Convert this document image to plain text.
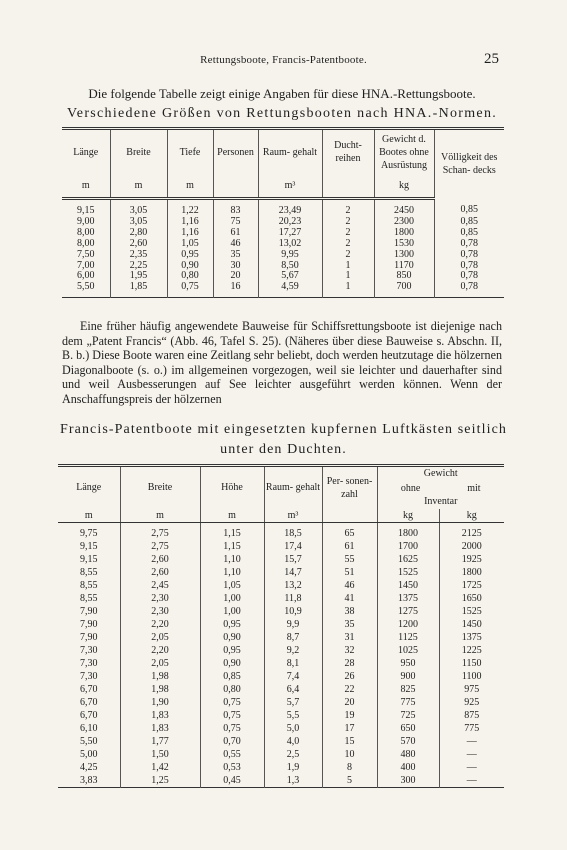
Rettungsboote, Francis-Patentboote.	25
Die folgende Tabelle zeigt einige Angaben für diese HNA.-Rettungsboote.
Verschiedene Größen von Rettungsbooten nach HNA.-Normen.
Länge	Breite	Tiefe	Personen	Raum- gehalt	Ducht- reihen	Gewicht d. Bootes ohne Ausrüstung	Völligkeit des Schan- decks
m	m	m		m³		kg	
9,15	3,05	1,22	83	23,49	2	2450	0,85
9,00	3,05	1,16	75	20,23	2	2300	0,85
8,00	2,80	1,16	61	17,27	2	1800	0,85
8,00	2,60	1,05	46	13,02	2	1530	0,78
7,50	2,35	0,95	35	9,95	2	1300	0,78
7,00	2,25	0,90	30	8,50	1	1170	0,78
6,00	1,95	0,80	20	5,67	1	850	0,78
5,50	1,85	0,75	16	4,59	1	700	0,78

Eine früher häufig angewendete Bauweise für Schiffsrettungsboote ist diejenige nach dem „Patent Francis“ (Abb. 46, Tafel S. 25). (Näheres über diese Bauweise s. Abschn. II, B. b.) Diese Boote waren eine Zeitlang sehr beliebt, doch werden heutzutage die hölzernen Diagonalboote (s. o.) im allgemeinen vorgezogen, weil sie leichter und dauerhafter sind und weil Ausbesserungen auf See leichter ausgeführt werden können. Wenn der Anschaffungspreis der hölzernen

Francis-Patentboote mit eingesetzten kupfernen Luftkästen seitlich
unter den Duchten.
Länge	Breite	Höhe	Raum- gehalt	Per- sonen- zahl	Gewicht	

					ohne mit
Inventar	

m	m	m	m³		kg	kg
9,75	2,75	1,15	18,5	65	1800	2125
9,15	2,75	1,15	17,4	61	1700	2000
9,15	2,60	1,10	15,7	55	1625	1925
8,55	2,60	1,10	14,7	51	1525	1800
8,55	2,45	1,05	13,2	46	1450	1725
8,55	2,30	1,00	11,8	41	1375	1650
7,90	2,30	1,00	10,9	38	1275	1525
7,90	2,20	0,95	9,9	35	1200	1450
7,90	2,05	0,90	8,7	31	1125	1375
7,30	2,20	0,95	9,2	32	1025	1225
7,30	2,05	0,90	8,1	28	950	1150
7,30	1,98	0,85	7,4	26	900	1100
6,70	1,98	0,80	6,4	22	825	975
6,70	1,90	0,75	5,7	20	775	925
6,70	1,83	0,75	5,5	19	725	875
6,10	1,83	0,75	5,0	17	650	775
5,50	1,77	0,70	4,0	15	570	—
5,00	1,50	0,55	2,5	10	480	—
4,25	1,42	0,53	1,9	8	400	—
3,83	1,25	0,45	1,3	5	300	—
